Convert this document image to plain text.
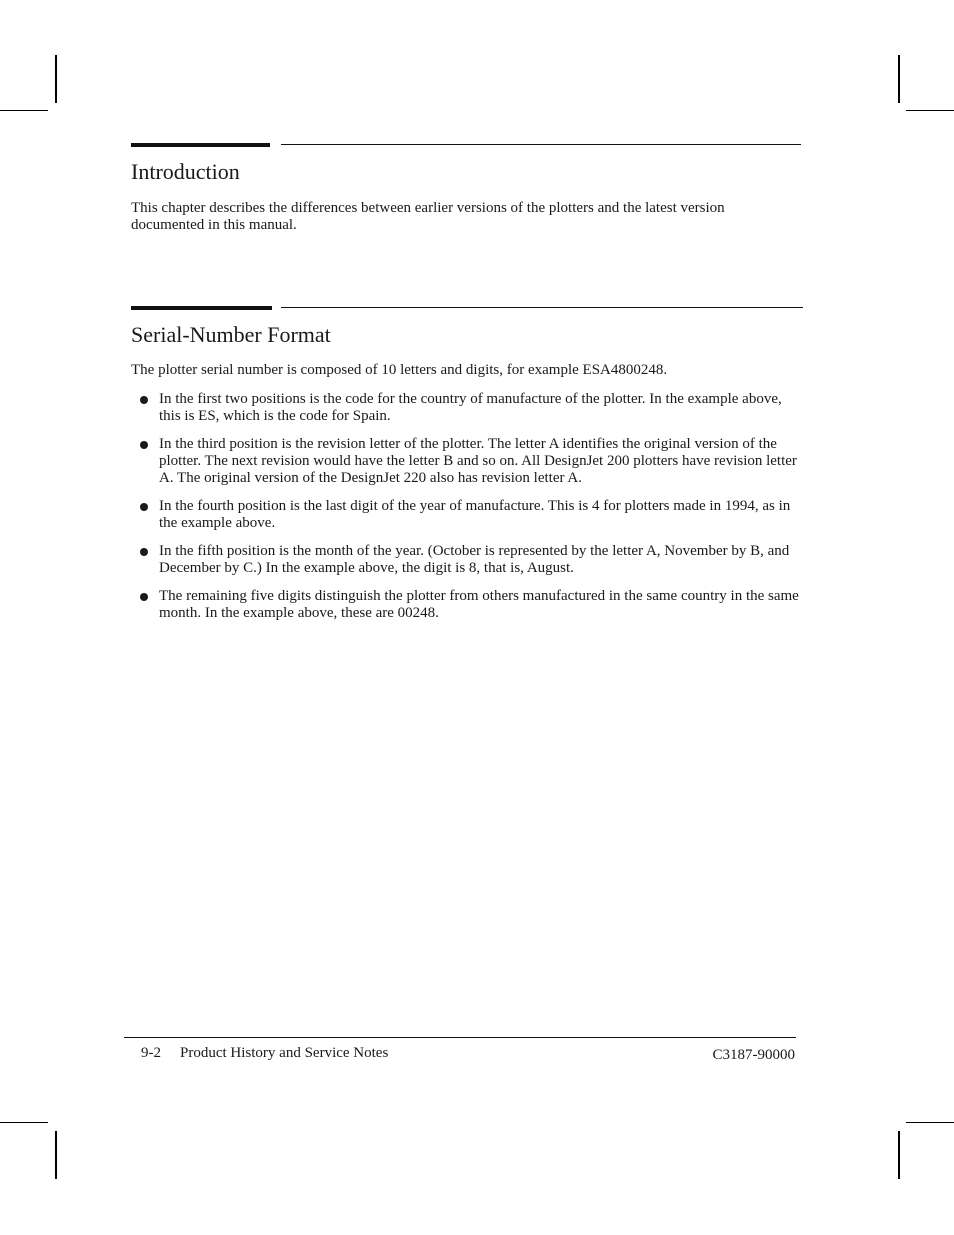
Introduction

This chapter describes the differences between earlier versions of the plotters and the latest version documented in this manual.

Serial-Number Format

The plotter serial number is composed of 10 letters and digits, for example ESA4800248.

In the first two positions is the code for the country of manufacture of the plotter. In the example above, this is ES, which is the code for Spain.
In the third position is the revision letter of the plotter. The letter A identifies the original version of the plotter. The next revision would have the letter B and so on. All DesignJet 200 plotters have revision letter A. The original version of the DesignJet 220 also has revision letter A.
In the fourth position is the last digit of the year of manufacture. This is 4 for plotters made in 1994, as in the example above.
In the fifth position is the month of the year. (October is represented by the letter A, November by B, and December by C.) In the example above, the digit is 8, that is, August.
The remaining five digits distinguish the plotter from others manufactured in the same country in the same month. In the example above, these are 00248.
9-2 Product History and Service Notes	C3187-90000
